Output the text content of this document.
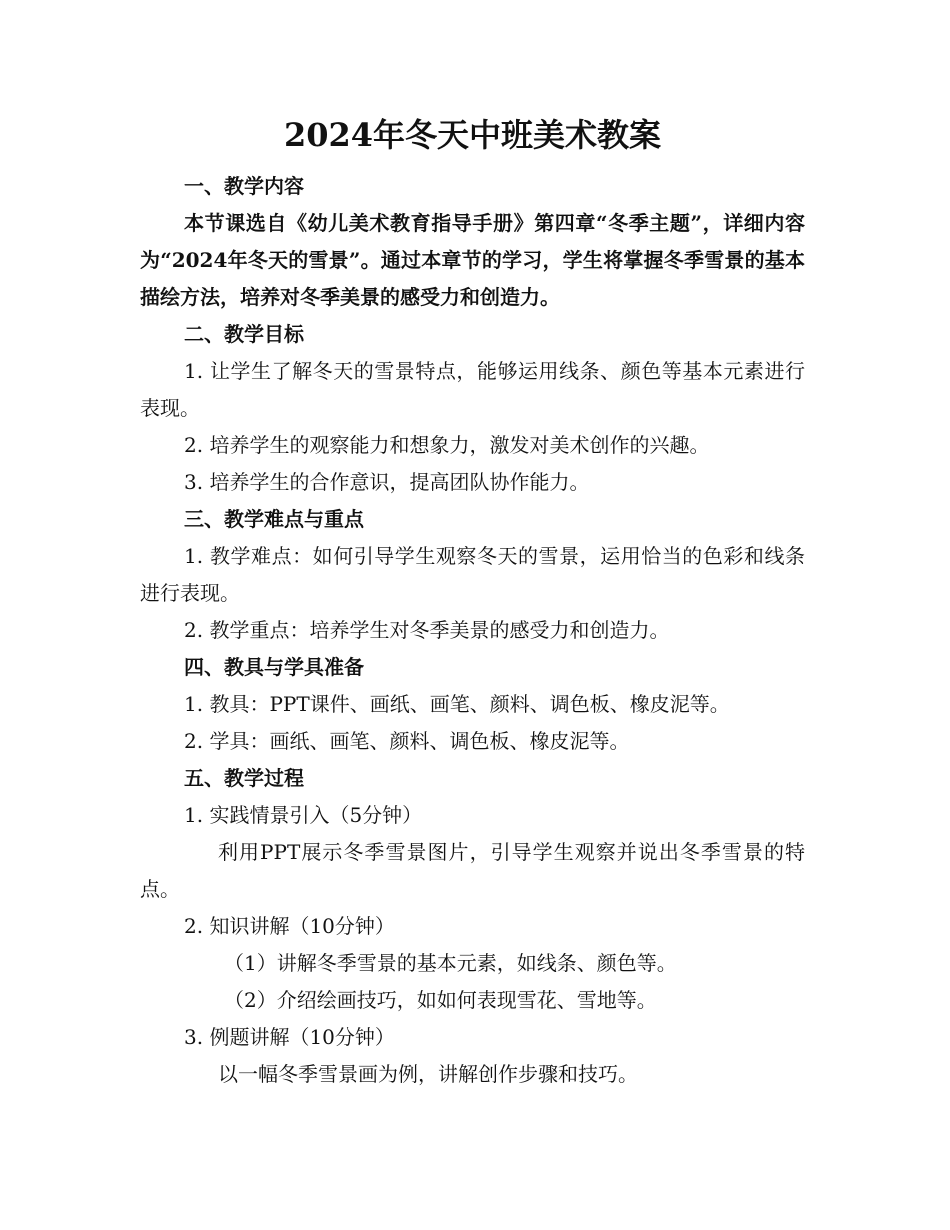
2024年冬天中班美术教案

一、教学内容

本节课选自《幼儿美术教育指导手册》第四章“冬季主题”，详细内容为“2024年冬天的雪景”。通过本章节的学习，学生将掌握冬季雪景的基本描绘方法，培养对冬季美景的感受力和创造力。

二、教学目标

1. 让学生了解冬天的雪景特点，能够运用线条、颜色等基本元素进行表现。

2. 培养学生的观察能力和想象力，激发对美术创作的兴趣。

3. 培养学生的合作意识，提高团队协作能力。

三、教学难点与重点

1. 教学难点：如何引导学生观察冬天的雪景，运用恰当的色彩和线条进行表现。

2. 教学重点：培养学生对冬季美景的感受力和创造力。

四、教具与学具准备

1. 教具：PPT课件、画纸、画笔、颜料、调色板、橡皮泥等。

2. 学具：画纸、画笔、颜料、调色板、橡皮泥等。

五、教学过程

1. 实践情景引入（5分钟）

利用PPT展示冬季雪景图片，引导学生观察并说出冬季雪景的特点。

2. 知识讲解（10分钟）

（1）讲解冬季雪景的基本元素，如线条、颜色等。

（2）介绍绘画技巧，如如何表现雪花、雪地等。

3. 例题讲解（10分钟）

以一幅冬季雪景画为例，讲解创作步骤和技巧。
